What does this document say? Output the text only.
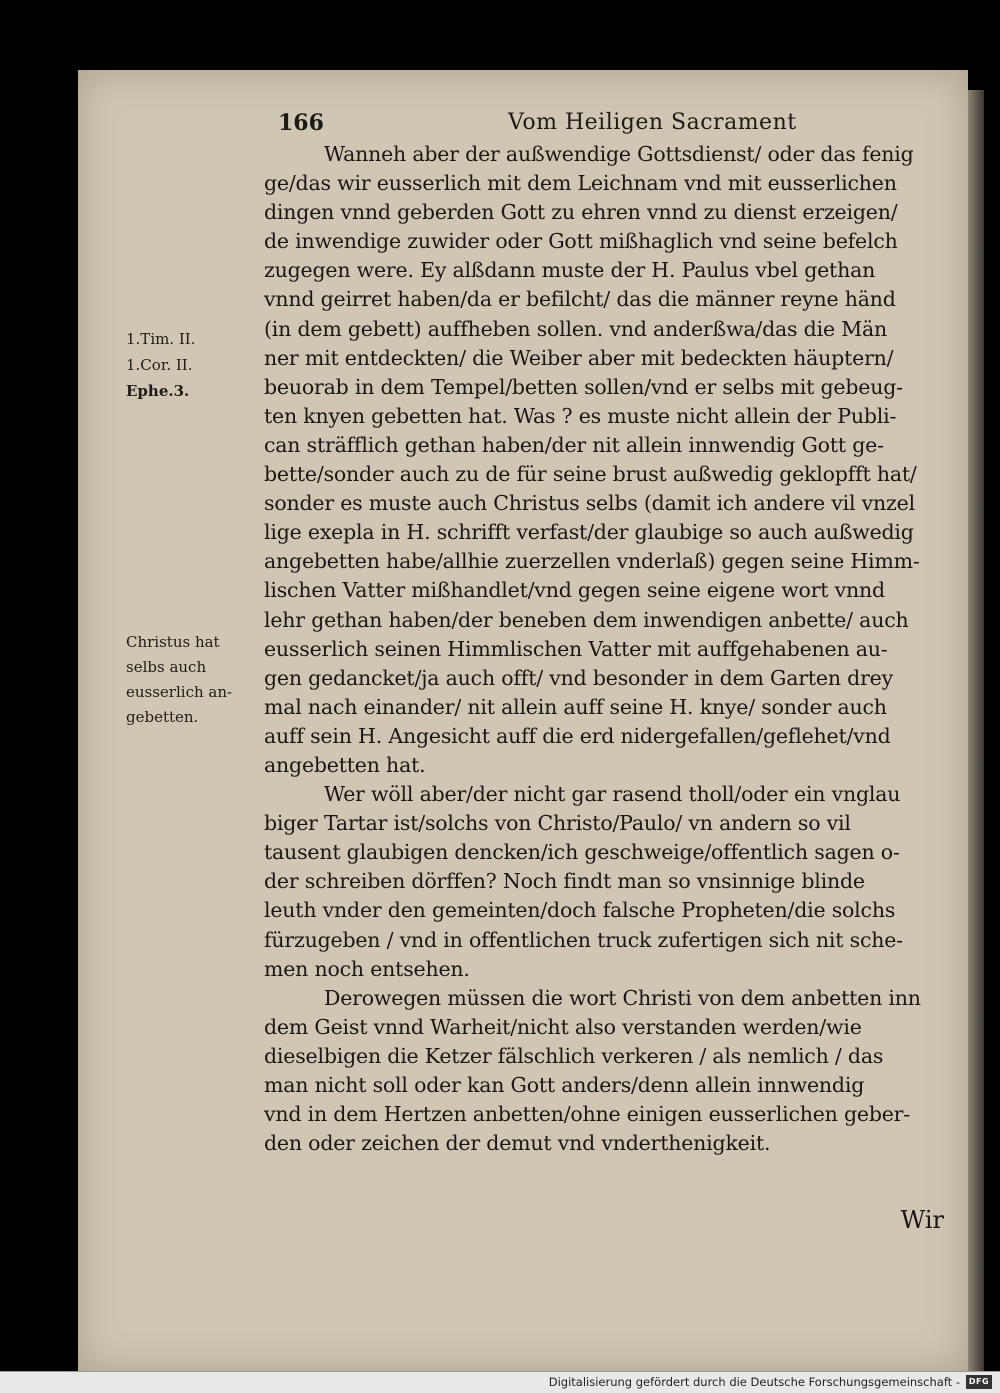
166	Vom Heiligen Sacrament
1.Tim. II.
1.Cor. II.
Ephe.3.
Christus hat
selbs auch
eusserlich an-
gebetten.
Wanneh aber der außwendige Gottsdienst/ oder das fenig
ge/das wir eusserlich mit dem Leichnam vnd mit eusserlichen
dingen vnnd geberden Gott zu ehren vnnd zu dienst erzeigen/
de inwendige zuwider oder Gott mißhaglich vnd seine befelch
zugegen were. Ey alßdann muste der H. Paulus vbel gethan
vnnd geirret haben/da er befilcht/ das die männer reyne händ
(in dem gebett) auffheben sollen. vnd anderßwa/das die Män
ner mit entdeckten/ die Weiber aber mit bedeckten häuptern/
beuorab in dem Tempel/betten sollen/vnd er selbs mit gebeug-
ten knyen gebetten hat. Was ? es muste nicht allein der Publi-
can sträfflich gethan haben/der nit allein innwendig Gott ge-
bette/sonder auch zu de für seine brust außwedig geklopfft hat/
sonder es muste auch Christus selbs (damit ich andere vil vnzel
lige exepla in H. schrifft verfast/der glaubige so auch außwedig
angebetten habe/allhie zuerzellen vnderlaß) gegen seine Himm-
lischen Vatter mißhandlet/vnd gegen seine eigene wort vnnd
lehr gethan haben/der beneben dem inwendigen anbette/ auch
eusserlich seinen Himmlischen Vatter mit auffgehabenen au-
gen gedancket/ja auch offt/ vnd besonder in dem Garten drey
mal nach einander/ nit allein auff seine H. knye/ sonder auch
auff sein H. Angesicht auff die erd nidergefallen/geflehet/vnd
angebetten hat.
Wer wöll aber/der nicht gar rasend tholl/oder ein vnglau
biger Tartar ist/solchs von Christo/Paulo/ vn andern so vil
tausent glaubigen dencken/ich geschweige/offentlich sagen o-
der schreiben dörffen? Noch findt man so vnsinnige blinde
leuth vnder den gemeinten/doch falsche Propheten/die solchs
fürzugeben / vnd in offentlichen truck zufertigen sich nit sche-
men noch entsehen.
Derowegen müssen die wort Christi von dem anbetten inn
dem Geist vnnd Warheit/nicht also verstanden werden/wie
dieselbigen die Ketzer fälschlich verkeren / als nemlich / das
man nicht soll oder kan Gott anders/denn allein innwendig
vnd in dem Hertzen anbetten/ohne einigen eusserlichen geber-
den oder zeichen der demut vnd vnderthenigkeit.
Wir
Digitalisierung gefördert durch die Deutsche Forschungsgemeinschaft -	DFG
